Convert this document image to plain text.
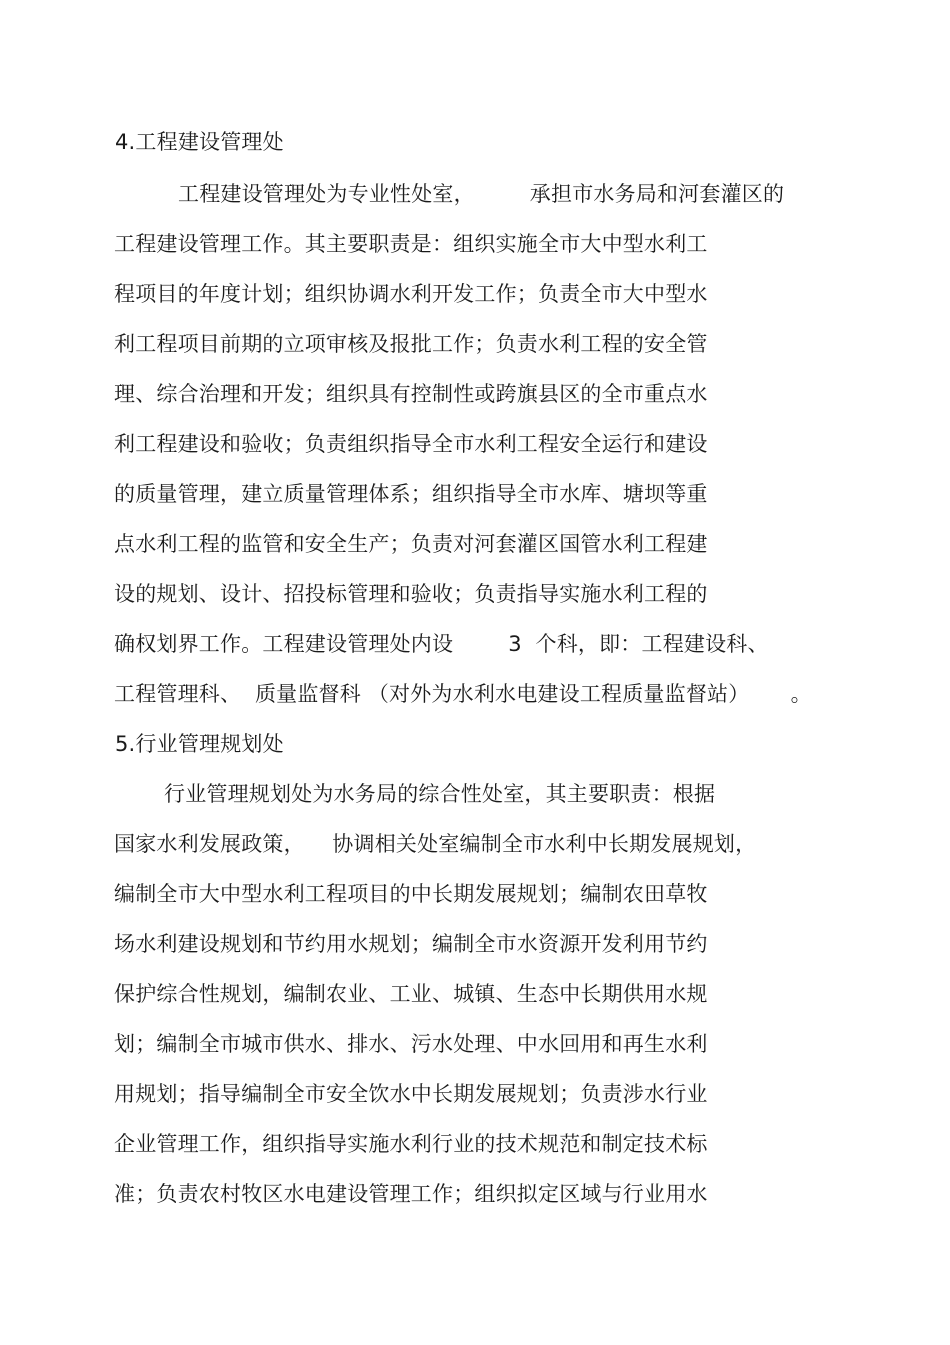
4.工程建设管理处
工程建设管理处为专业性处室，        承担市水务局和河套灌区的
工程建设管理工作。其主要职责是：组织实施全市大中型水利工
程项目的年度计划；组织协调水利开发工作；负责全市大中型水
利工程项目前期的立项审核及报批工作；负责水利工程的安全管
理、综合治理和开发；组织具有控制性或跨旗县区的全市重点水
利工程建设和验收；负责组织指导全市水利工程安全运行和建设
的质量管理，建立质量管理体系；组织指导全市水库、塘坝等重
点水利工程的监管和安全生产；负责对河套灌区国管水利工程建
设的规划、设计、招投标管理和验收；负责指导实施水利工程的
确权划界工作。工程建设管理处内设        3  个科，即：工程建设科、
工程管理科、  质量监督科 （对外为水利水电建设工程质量监督站）      。
5.行业管理规划处
行业管理规划处为水务局的综合性处室，其主要职责：根据
国家水利发展政策，    协调相关处室编制全市水利中长期发展规划，
编制全市大中型水利工程项目的中长期发展规划；编制农田草牧
场水利建设规划和节约用水规划；编制全市水资源开发利用节约
保护综合性规划，编制农业、工业、城镇、生态中长期供用水规
划；编制全市城市供水、排水、污水处理、中水回用和再生水利
用规划；指导编制全市安全饮水中长期发展规划；负责涉水行业
企业管理工作，组织指导实施水利行业的技术规范和制定技术标
准；负责农村牧区水电建设管理工作；组织拟定区域与行业用水
